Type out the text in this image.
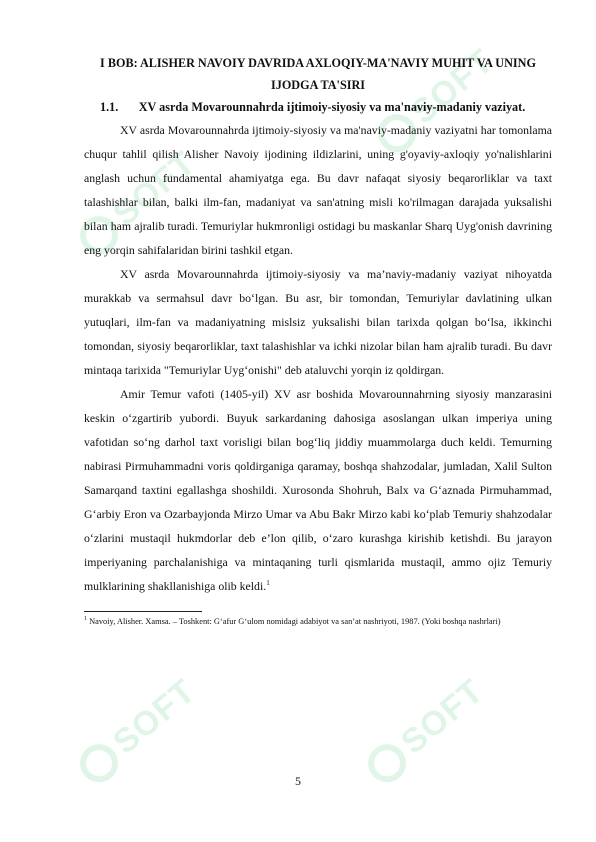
SOFT
SOFT
SOFT	SOFT
I BOB: ALISHER NAVOIY DAVRIDA AXLOQIY-MA'NAVIY MUHIT VA UNING IJODGA TA'SIRI
1.1.	XV asrda Movarounnahrda ijtimoiy-siyosiy va ma'naviy-madaniy vaziyat.

XV asrda Movarounnahrda ijtimoiy-siyosiy va ma'naviy-madaniy vaziyatni har tomonlama chuqur tahlil qilish Alisher Navoiy ijodining ildizlarini, uning g'oyaviy-axloqiy yo'nalishlarini anglash uchun fundamental ahamiyatga ega. Bu davr nafaqat siyosiy beqarorliklar va taxt talashishlar bilan, balki ilm-fan, madaniyat va san'atning misli ko'rilmagan darajada yuksalishi bilan ham ajralib turadi. Temuriylar hukmronligi ostidagi bu maskanlar Sharq Uyg'onish davrining eng yorqin sahifalaridan birini tashkil etgan.

XV asrda Movarounnahrda ijtimoiy-siyosiy va ma’naviy-madaniy vaziyat nihoyatda murakkab va sermahsul davr bo‘lgan. Bu asr, bir tomondan, Temuriylar davlatining ulkan yutuqlari, ilm-fan va madaniyatning mislsiz yuksalishi bilan tarixda qolgan bo‘lsa, ikkinchi tomondan, siyosiy beqarorliklar, taxt talashishlar va ichki nizolar bilan ham ajralib turadi. Bu davr mintaqa tarixida "Temuriylar Uyg‘onishi" deb ataluvchi yorqin iz qoldirgan.

Amir Temur vafoti (1405-yil) XV asr boshida Movarounnahrning siyosiy manzarasini keskin o‘zgartirib yubordi. Buyuk sarkardaning dahosiga asoslangan ulkan imperiya uning vafotidan so‘ng darhol taxt vorisligi bilan bog‘liq jiddiy muammolarga duch keldi. Temurning nabirasi Pirmuhammadni voris qoldirganiga qaramay, boshqa shahzodalar, jumladan, Xalil Sulton Samarqand taxtini egallashga shoshildi. Xurosonda Shohruh, Balx va G‘aznada Pirmuhammad, G‘arbiy Eron va Ozarbayjonda Mirzo Umar va Abu Bakr Mirzo kabi ko‘plab Temuriy shahzodalar o‘zlarini mustaqil hukmdorlar deb e’lon qilib, o‘zaro kurashga kirishib ketishdi. Bu jarayon imperiyaning parchalanishiga va mintaqaning turli qismlarida mustaqil, ammo ojiz Temuriy mulklarining shakllanishiga olib keldi.$^1$

$^1$ Navoiy, Alisher. Xamsa. – Toshkent: G‘afur G‘ulom nomidagi adabiyot va san’at nashriyoti, 1987. (Yoki boshqa nashrlari)

5
